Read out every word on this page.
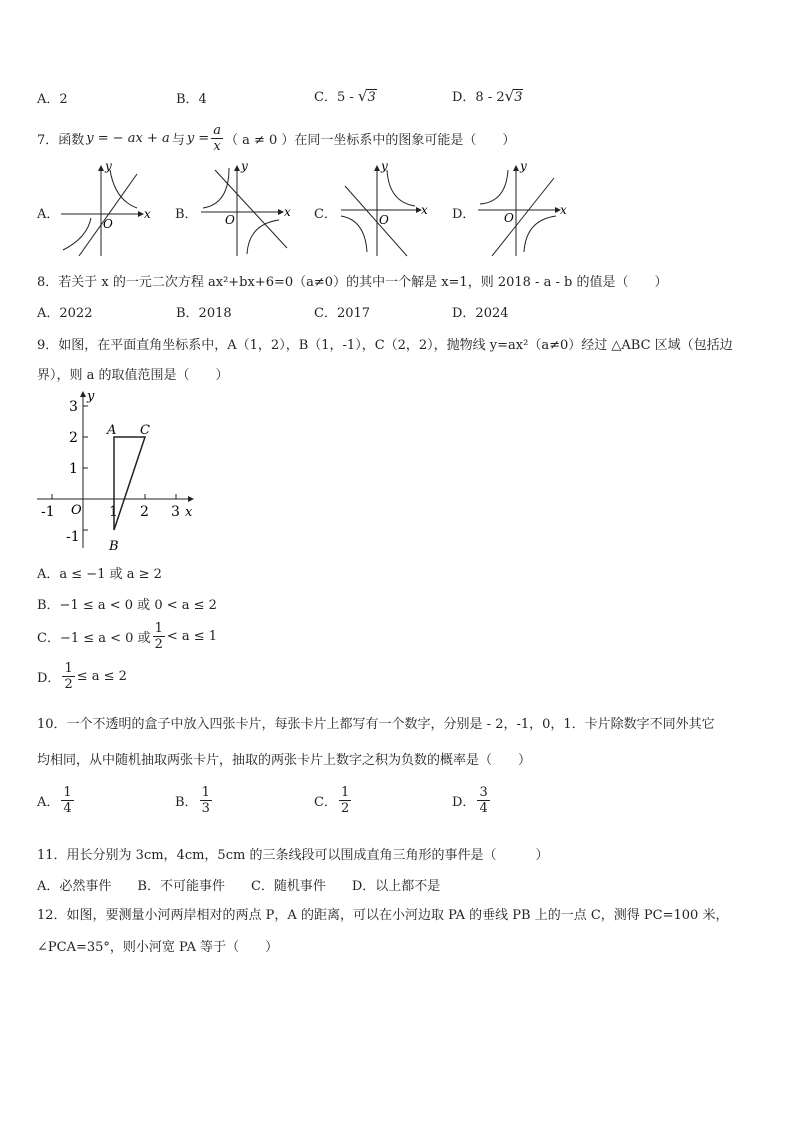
A．2	B．4	C．5 - √3	D．8 - 2√3
7．函数 y = − ax + a 与 $y = \frac{a}{x}$ （ a ≠ 0 ）在同一坐标系中的图象可能是（　　）
A．	B．	C．	D．
x
y
O
x
y
O
x
y
O
x
y
O
8．若关于 x 的一元二次方程 ax²+bx+6=0（a≠0）的其中一个解是 x=1，则 2018 - a - b 的值是（　　）
A．2022	B．2018	C．2017	D．2024
9．如图，在平面直角坐标系中，A（1，2），B（1，-1），C（2，2），抛物线 y=ax²（a≠0）经过 △ABC 区域（包括边
界），则 a 的取值范围是（　　）
3
2
1
-1
-1	1 2 3
O	x
y
A C
B
A．a ≤ −1 或 a ≥ 2
B．−1 ≤ a < 0 或 0 < a ≤ 2
C．−1 ≤ a < 0 或 $\frac{1}{2} < a \le 1$
D． $\frac{1}{2} \le a \le 2$
10．一个不透明的盒子中放入四张卡片，每张卡片上都写有一个数字，分别是 - 2，-1，0，1．卡片除数字不同外其它
均相同，从中随机抽取两张卡片，抽取的两张卡片上数字之积为负数的概率是（　　）
A． $\frac{1}{4}$	B． $\frac{1}{3}$	C． $\frac{1}{2}$	D． $\frac{3}{4}$
11．用长分别为 3cm，4cm，5cm 的三条线段可以围成直角三角形的事件是（　　　）
A．必然事件　　B．不可能事件　　C．随机事件　　D．以上都不是
12．如图，要测量小河两岸相对的两点 P，A 的距离，可以在小河边取 PA 的垂线 PB 上的一点 C，测得 PC=100 米，
∠PCA=35°，则小河宽 PA 等于（　　）
